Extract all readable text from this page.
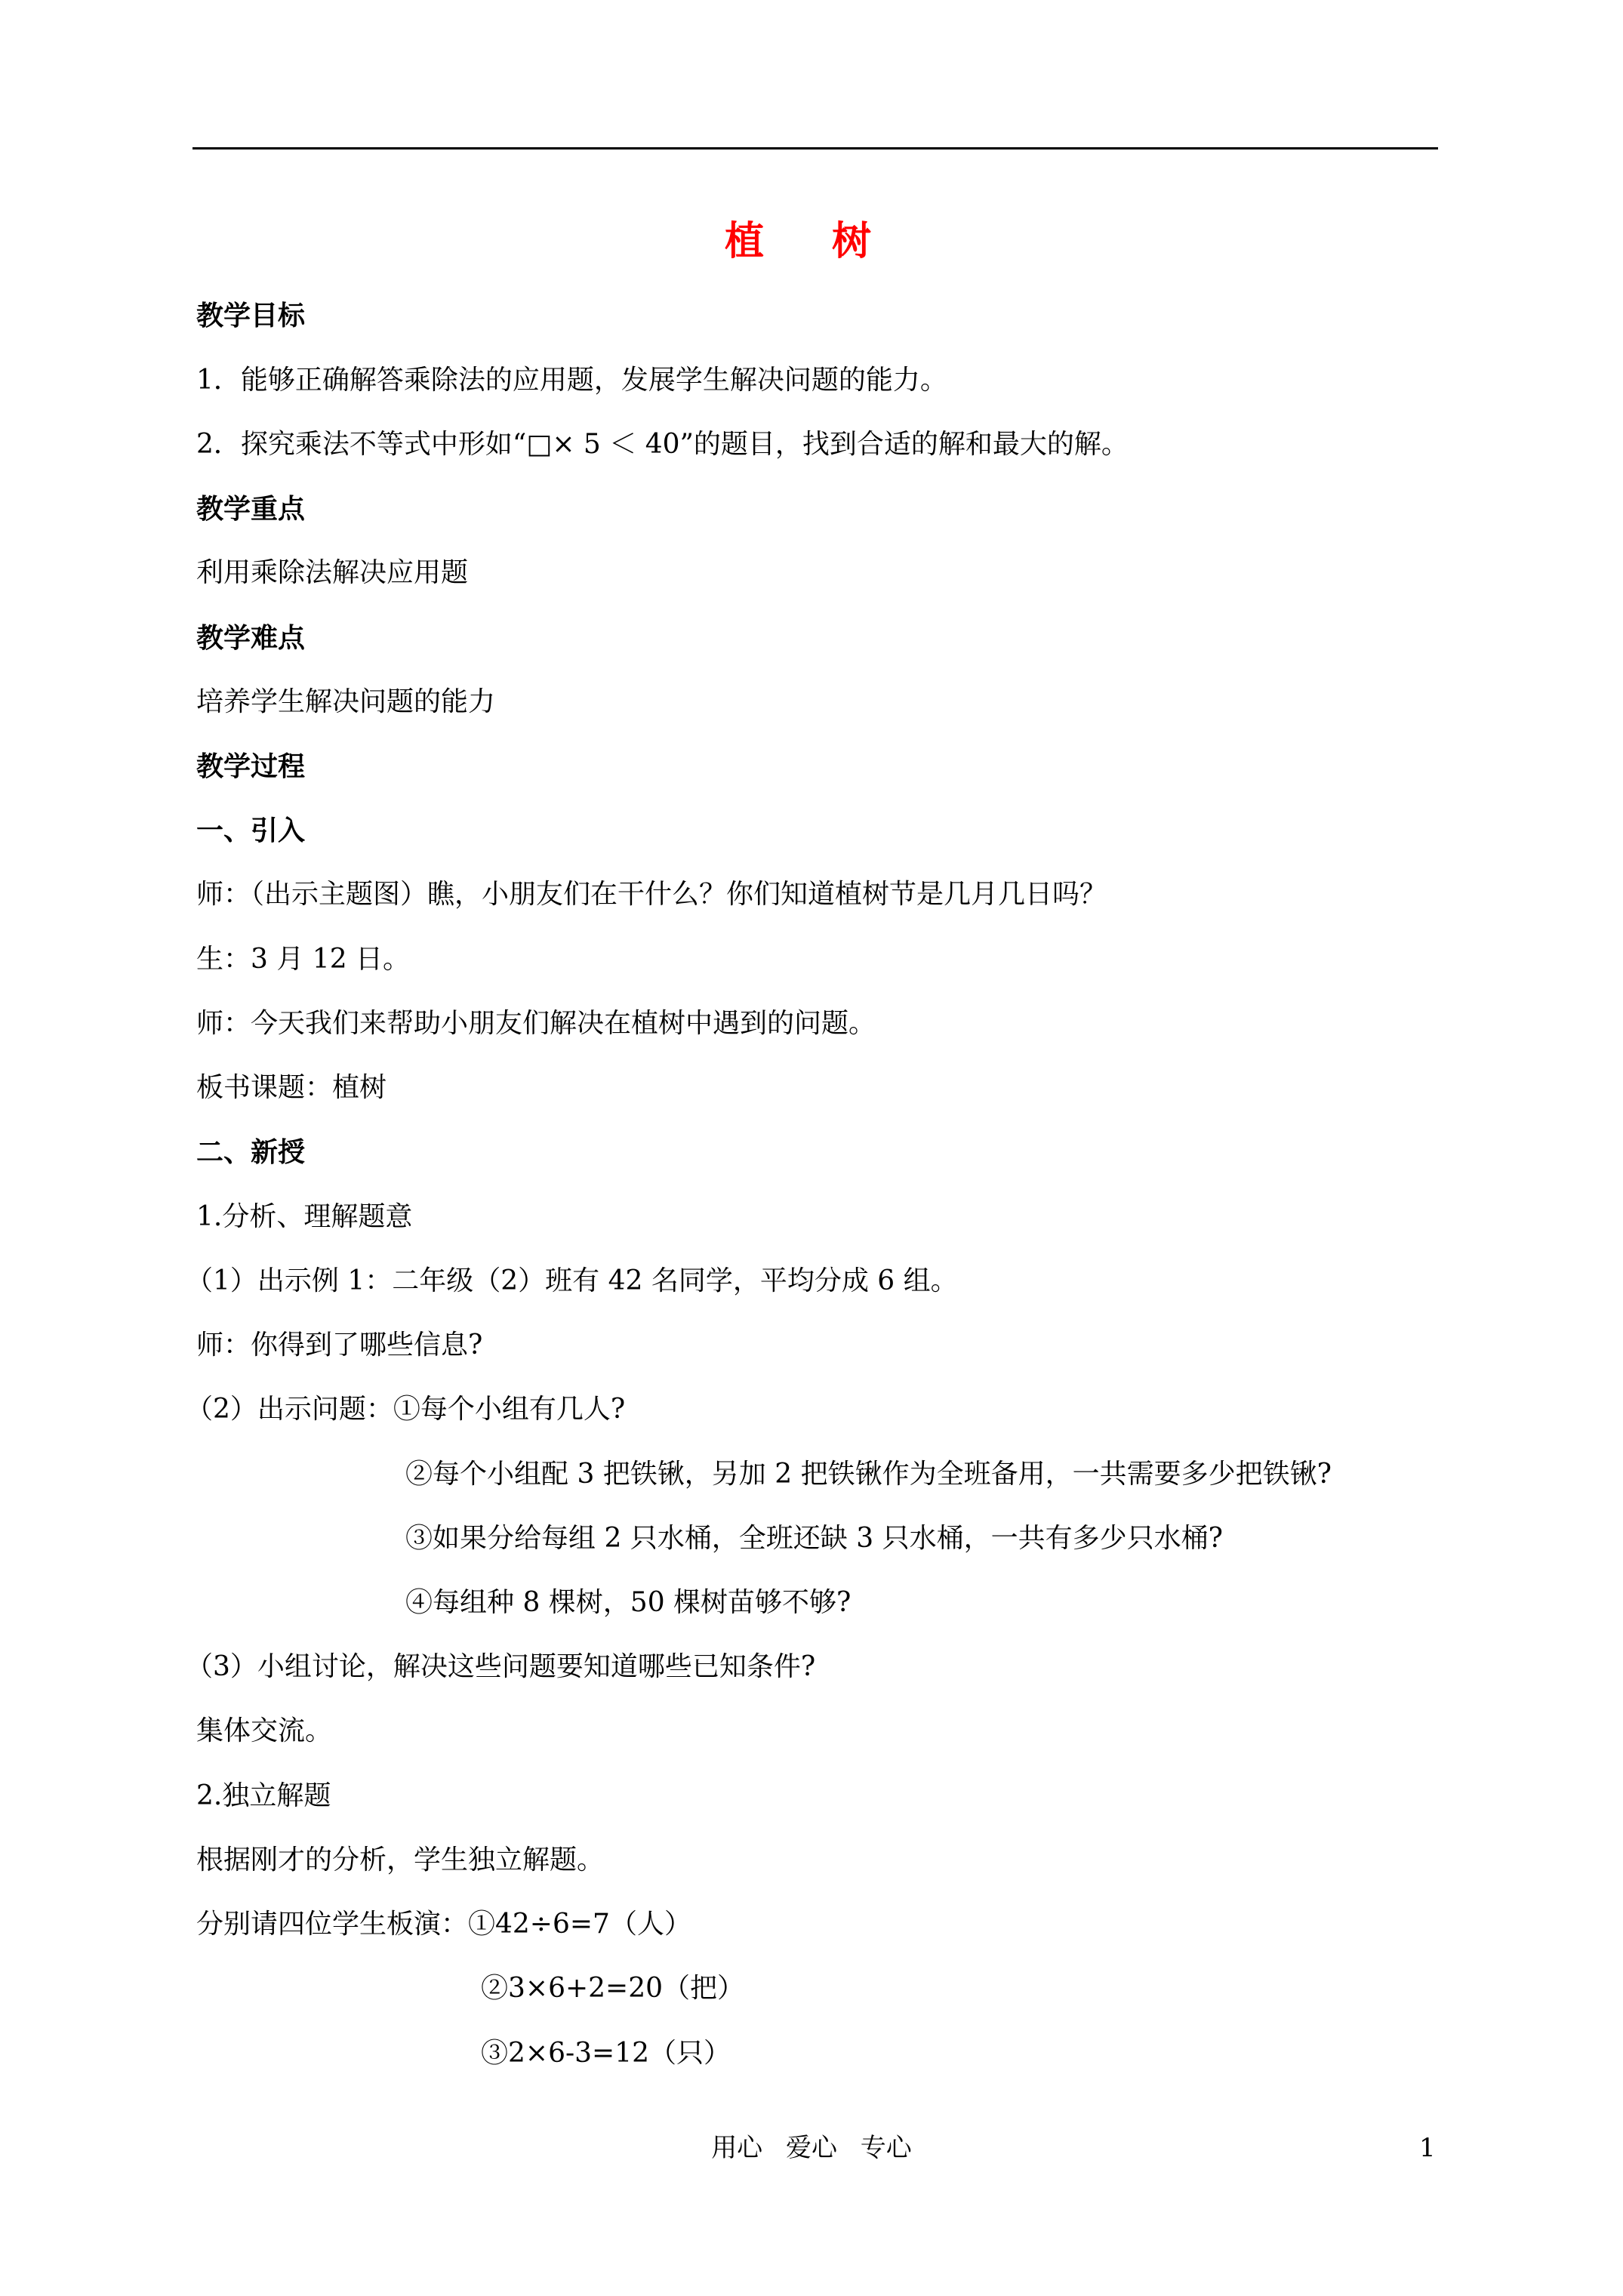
植 树
教学目标
1．能够正确解答乘除法的应用题，发展学生解决问题的能力。
2．探究乘法不等式中形如“□× 5 ＜ 40”的题目，找到合适的解和最大的解。
教学重点
利用乘除法解决应用题
教学难点
培养学生解决问题的能力
教学过程
一、引入
师：（出示主题图）瞧，小朋友们在干什么？你们知道植树节是几月几日吗？
生：3 月 12 日。
师：今天我们来帮助小朋友们解决在植树中遇到的问题。
板书课题：植树
二、新授
1.分析、理解题意
（1）出示例 1：二年级（2）班有 42 名同学，平均分成 6 组。
师：你得到了哪些信息?
（2）出示问题：①每个小组有几人?
②每个小组配 3 把铁锹，另加 2 把铁锹作为全班备用，一共需要多少把铁锹?
③如果分给每组 2 只水桶，全班还缺 3 只水桶，一共有多少只水桶?
④每组种 8 棵树，50 棵树苗够不够?
（3）小组讨论，解决这些问题要知道哪些已知条件?
集体交流。
2.独立解题
根据刚才的分析，学生独立解题。
分别请四位学生板演：①42÷6=7（人）
②3×6+2=20（把）
③2×6-3=12（只）
用心 爱心 专心	1
